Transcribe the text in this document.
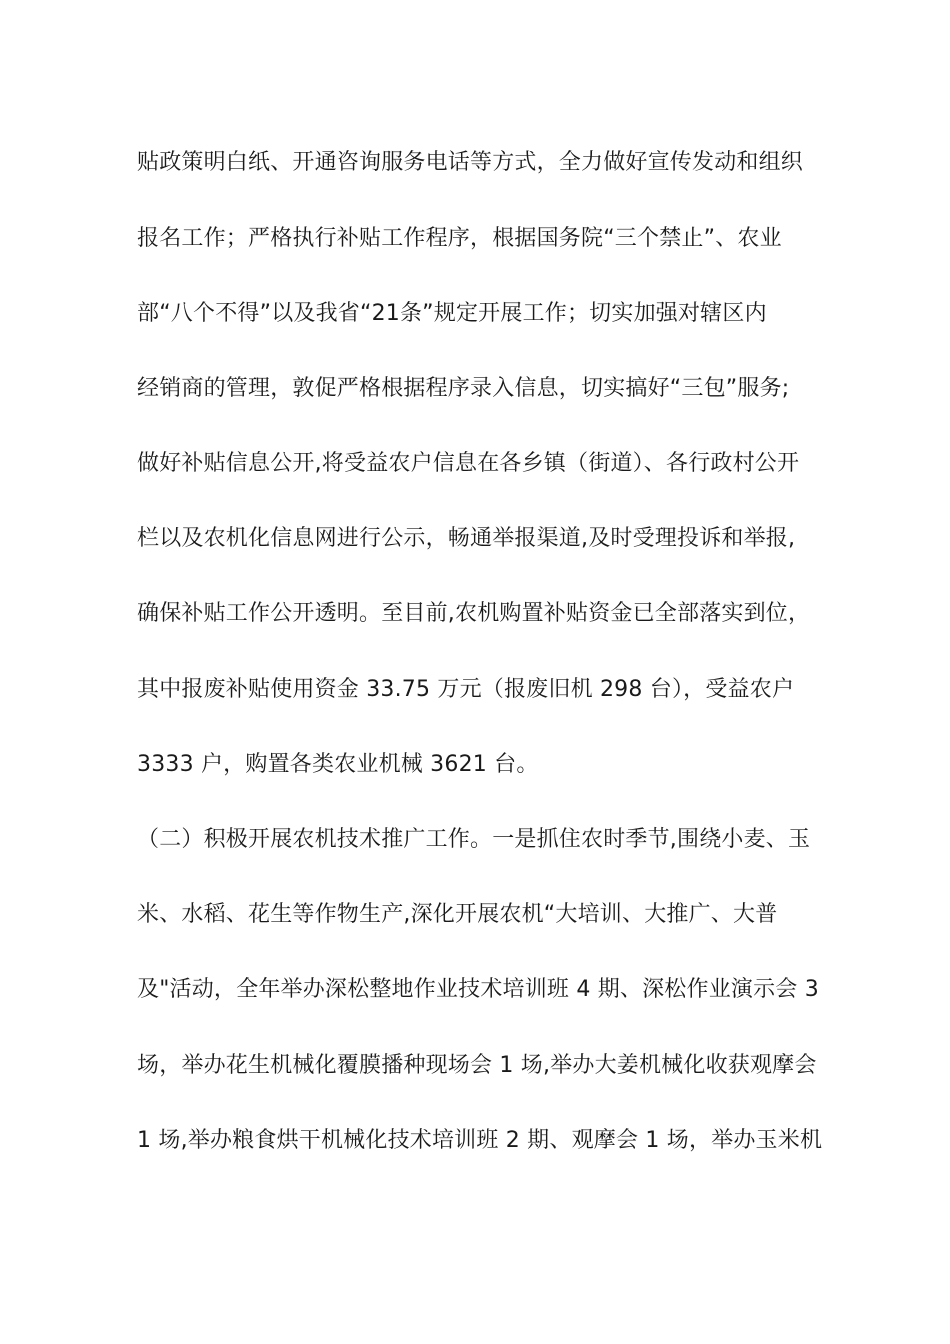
贴政策明白纸、开通咨询服务电话等方式，全力做好宣传发动和组织
报名工作；严格执行补贴工作程序，根据国务院“三个禁止”、农业
部“八个不得”以及我省“21条”规定开展工作；切实加强对辖区内
经销商的管理，敦促严格根据程序录入信息，切实搞好“三包”服务;
做好补贴信息公开,将受益农户信息在各乡镇（街道）、各行政村公开
栏以及农机化信息网进行公示，畅通举报渠道,及时受理投诉和举报,
确保补贴工作公开透明。至目前,农机购置补贴资金已全部落实到位，
其中报废补贴使用资金 33.75 万元（报废旧机 298 台），受益农户
3333 户，购置各类农业机械 3621 台。
（二）积极开展农机技术推广工作。一是抓住农时季节,围绕小麦、玉
米、水稻、花生等作物生产,深化开展农机“大培训、大推广、大普
及"活动，全年举办深松整地作业技术培训班 4 期、深松作业演示会 3
场，举办花生机械化覆膜播种现场会 1 场,举办大姜机械化收获观摩会
1 场,举办粮食烘干机械化技术培训班 2 期、观摩会 1 场，举办玉米机
